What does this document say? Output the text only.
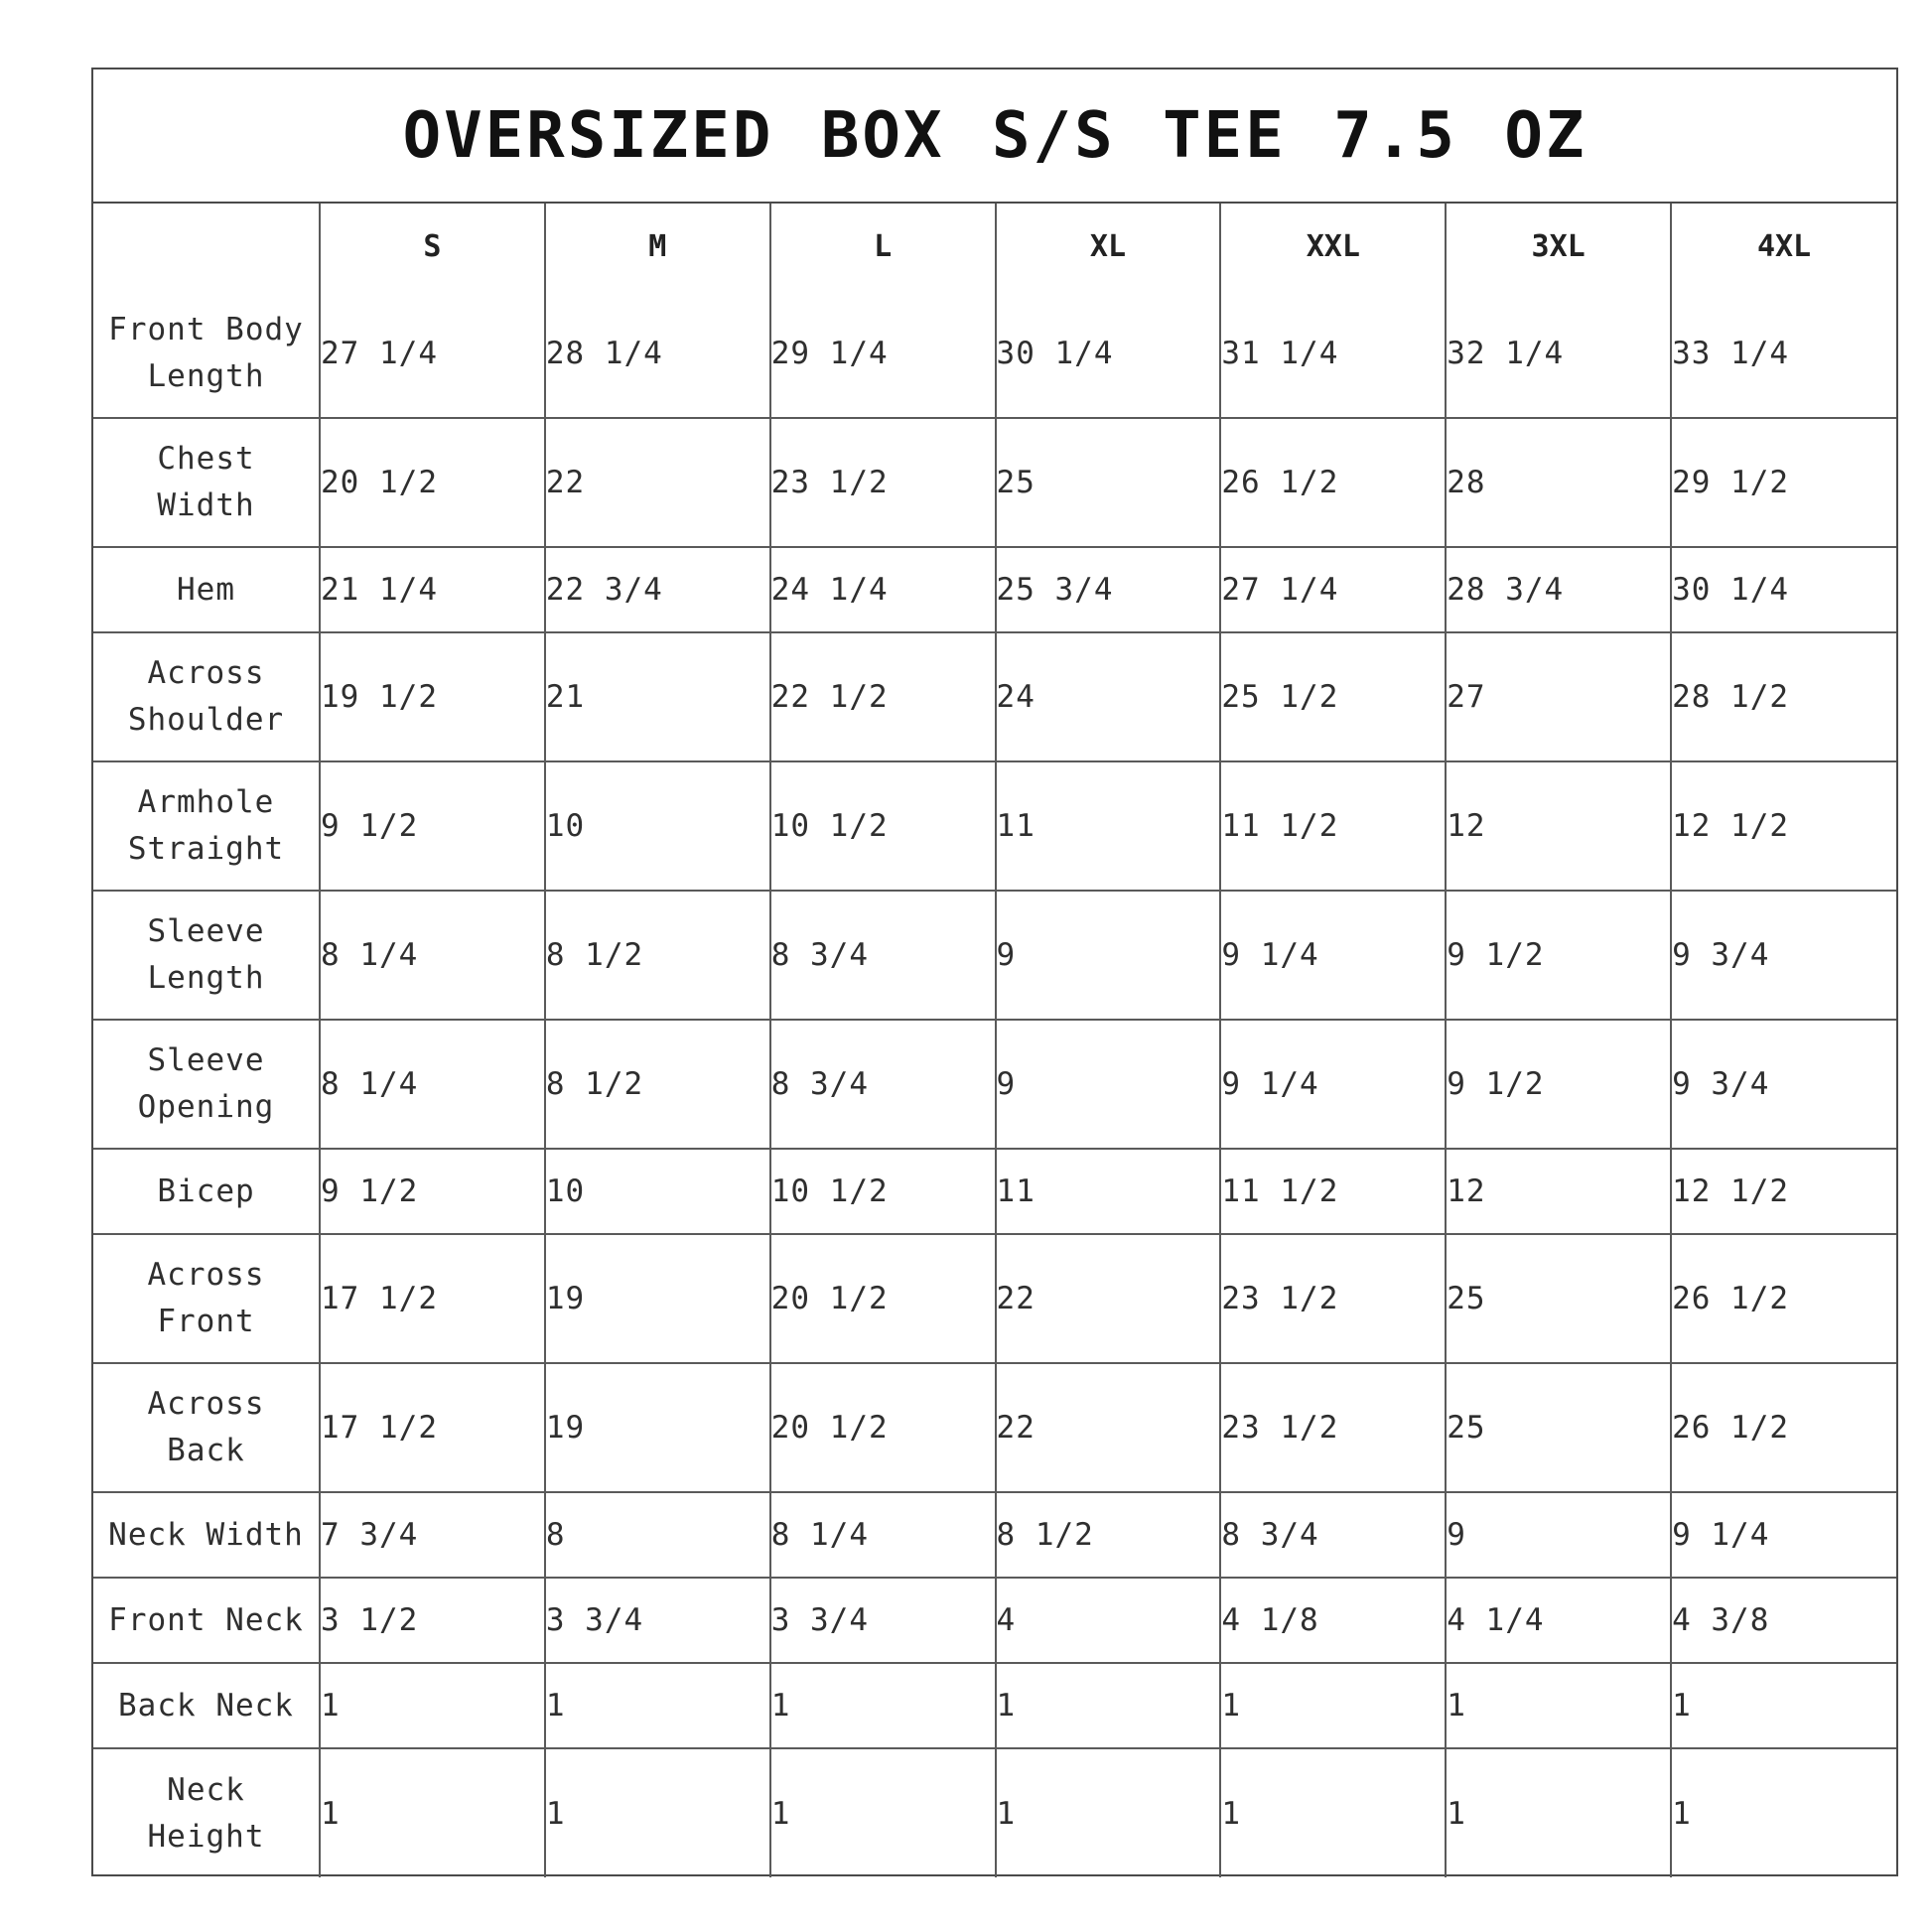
OVERSIZED BOX S/S TEE 7.5 OZ
	S	M	L	XL	XXL	3XL	4XL
Front Body
Length	27 1/4	28 1/4	29 1/4	30 1/4	31 1/4	32 1/4	33 1/4
Chest
Width	20 1/2	22	23 1/2	25	26 1/2	28	29 1/2
Hem	21 1/4	22 3/4	24 1/4	25 3/4	27 1/4	28 3/4	30 1/4
Across
Shoulder	19 1/2	21	22 1/2	24	25 1/2	27	28 1/2
Armhole
Straight	9 1/2	10	10 1/2	11	11 1/2	12	12 1/2
Sleeve
Length	8 1/4	8 1/2	8 3/4	9	9 1/4	9 1/2	9 3/4
Sleeve
Opening	8 1/4	8 1/2	8 3/4	9	9 1/4	9 1/2	9 3/4
Bicep	9 1/2	10	10 1/2	11	11 1/2	12	12 1/2
Across
Front	17 1/2	19	20 1/2	22	23 1/2	25	26 1/2
Across
Back	17 1/2	19	20 1/2	22	23 1/2	25	26 1/2
Neck Width	7 3/4	8	8 1/4	8 1/2	8 3/4	9	9 1/4
Front Neck	3 1/2	3 3/4	3 3/4	4	4 1/8	4 1/4	4 3/8
Back Neck	1	1	1	1	1	1	1
Neck
Height	1	1	1	1	1	1	1
